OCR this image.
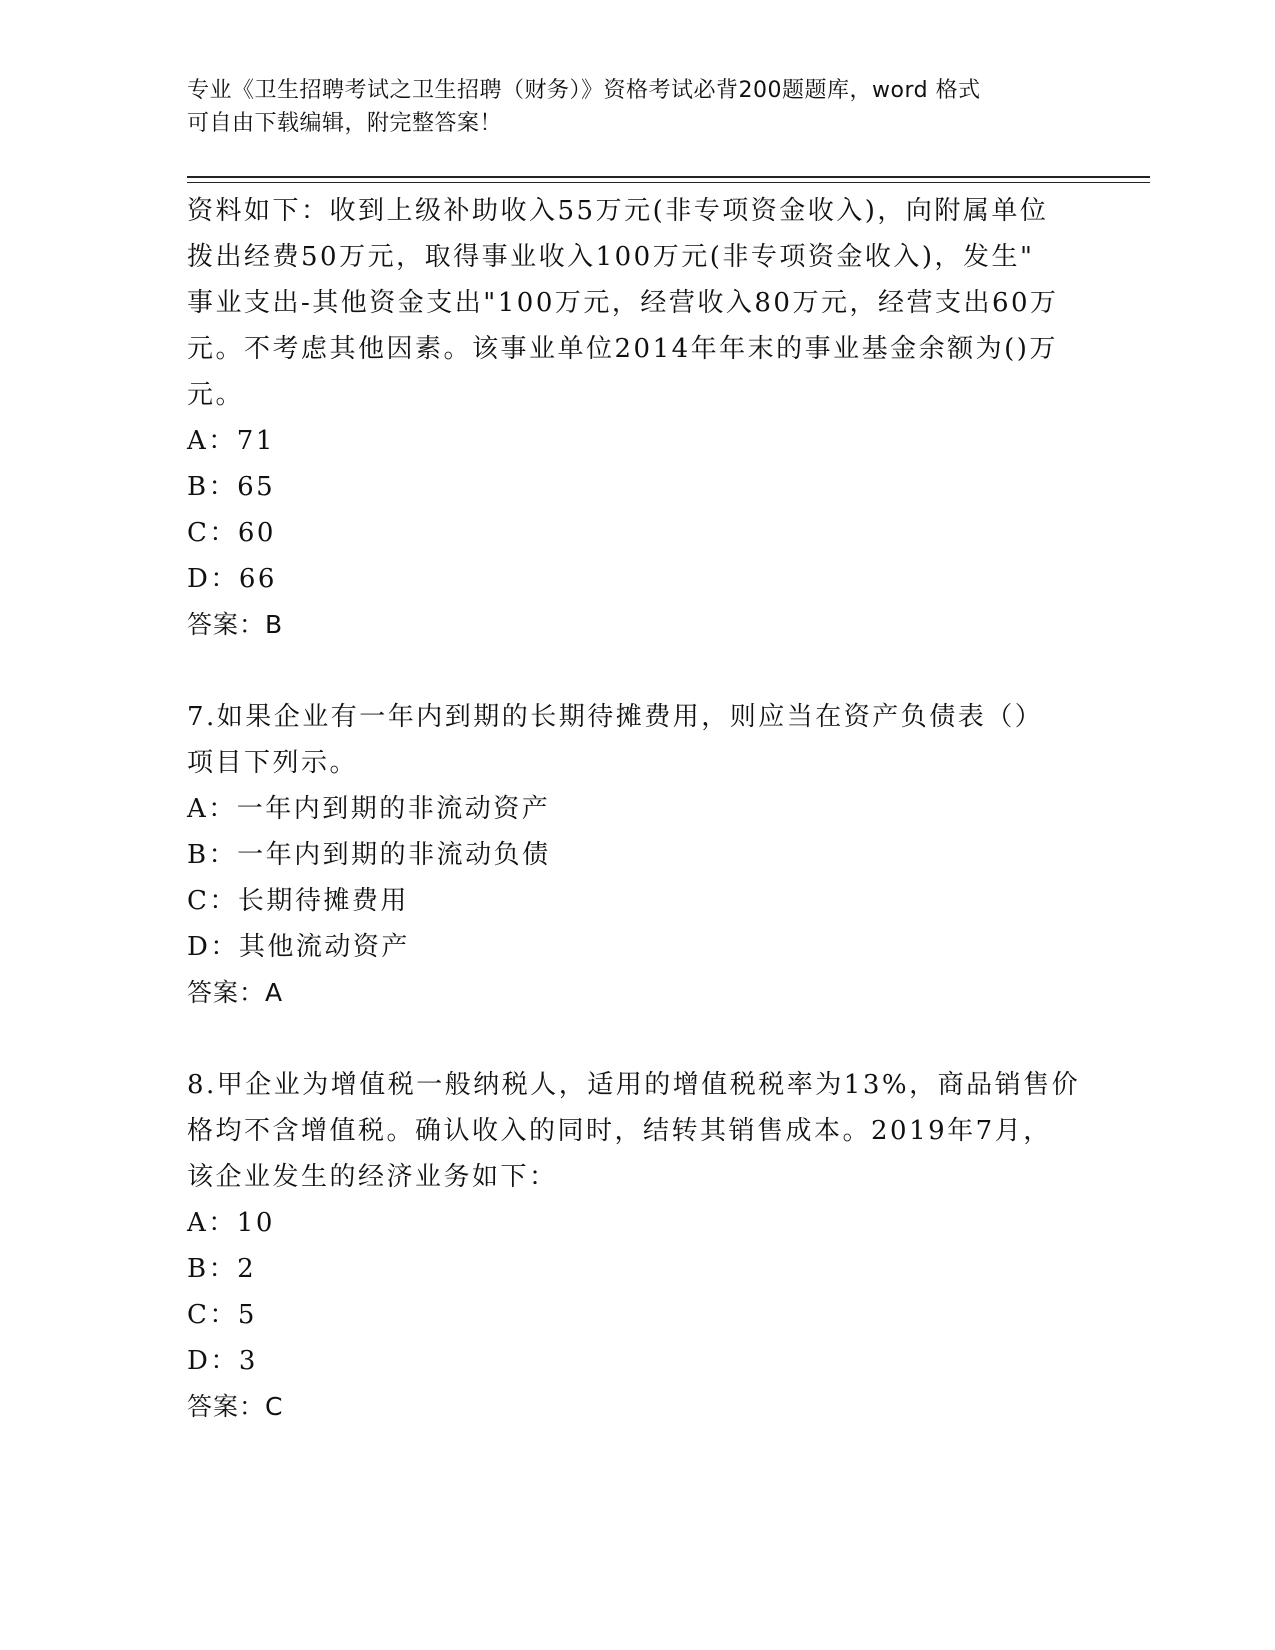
专业《卫生招聘考试之卫生招聘（财务）》资格考试必背200题题库，word 格式
可自由下载编辑，附完整答案！

资料如下：收到上级补助收入55万元(非专项资金收入)，向附属单位

拨出经费50万元，取得事业收入100万元(非专项资金收入)，发生"

事业支出-其他资金支出"100万元，经营收入80万元，经营支出60万

元。不考虑其他因素。该事业单位2014年年末的事业基金余额为()万

元。

A：71

B：65

C：60

D：66

答案：B

7.如果企业有一年内到期的长期待摊费用，则应当在资产负债表（）

项目下列示。

A：一年内到期的非流动资产

B：一年内到期的非流动负债

C：长期待摊费用

D：其他流动资产

答案：A

8.甲企业为增值税一般纳税人，适用的增值税税率为13%，商品销售价

格均不含增值税。确认收入的同时，结转其销售成本。2019年7月，

该企业发生的经济业务如下：

A：10

B：2

C：5

D：3

答案：C
